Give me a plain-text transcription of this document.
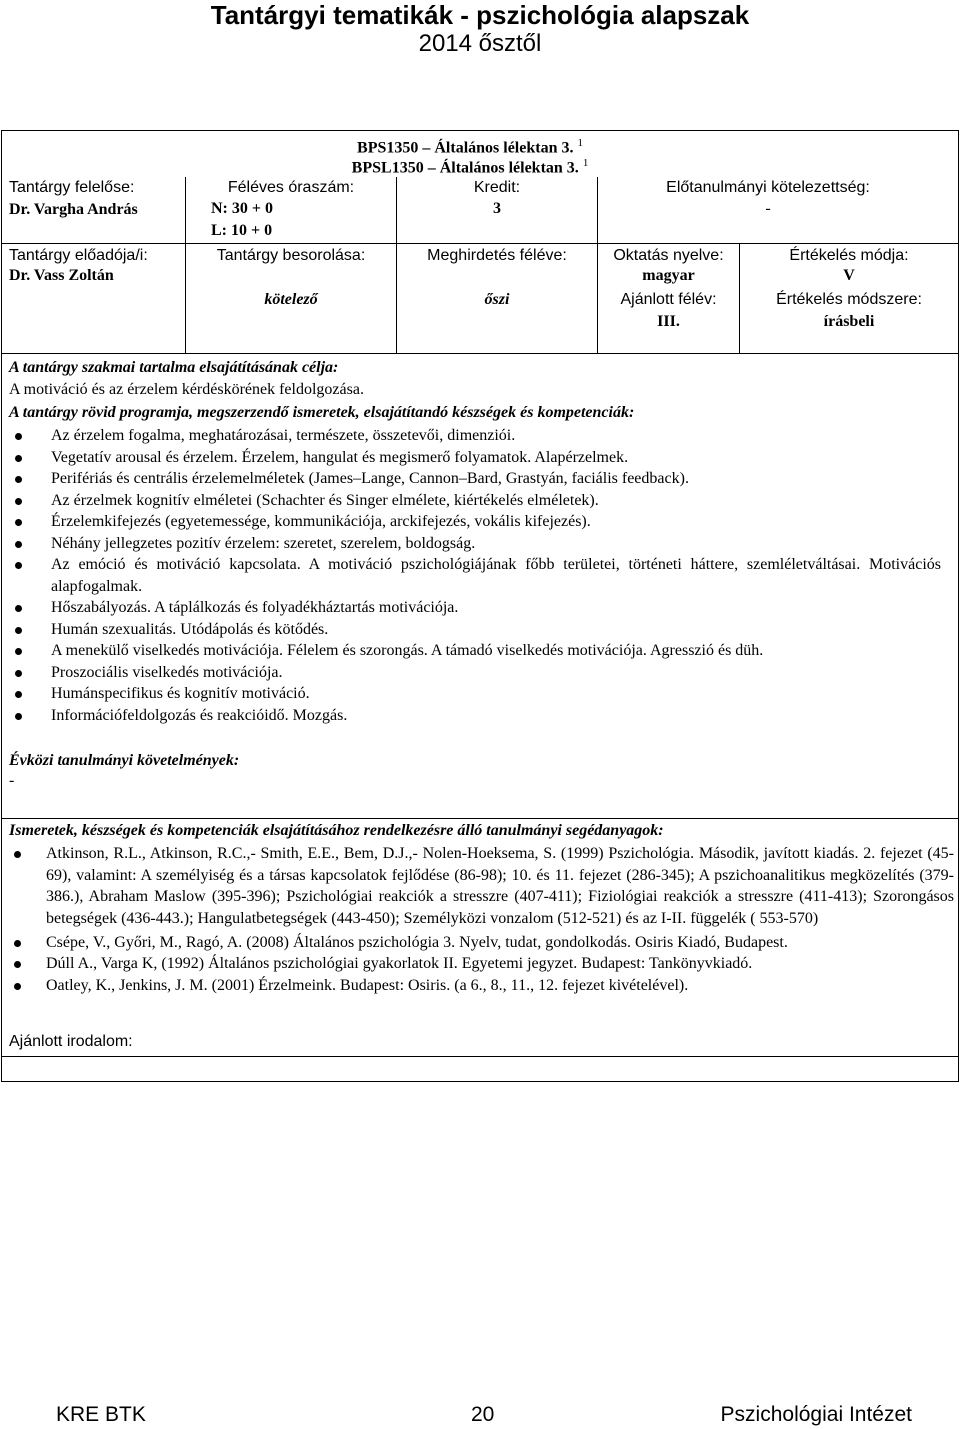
Tantárgyi tematikák - pszichológia alapszak
2014 ősztől
BPS1350 – Általános lélektan 3. $^1$
BPSL1350 – Általános lélektan 3. $^1$
Tantárgy felelőse:
Dr. Vargha András
Tantárgy előadója/i:
Dr. Vass Zoltán
Féléves óraszám:
N: 30 + 0
L: 10 + 0
Tantárgy besorolása:
kötelező
Kredit:
3
Meghirdetés féléve:
őszi
Előtanulmányi kötelezettség:
-
Oktatás nyelve:
magyar
Ajánlott félév:
III.
Értékelés módja:
V
Értékelés módszere:
írásbeli
A tantárgy szakmai tartalma elsajátításának célja:
A motiváció és az érzelem kérdéskörének feldolgozása.
A tantárgy rövid programja, megszerzendő ismeretek, elsajátítandó készségek és kompetenciák:
Az érzelem fogalma, meghatározásai, természete, összetevői, dimenziói.
Vegetatív arousal és érzelem. Érzelem, hangulat és megismerő folyamatok. Alapérzelmek.
Perifériás és centrális érzelemelméletek (James–Lange, Cannon–Bard, Grastyán, faciális feedback).
Az érzelmek kognitív elméletei (Schachter és Singer elmélete, kiértékelés elméletek).
Érzelemkifejezés (egyetemessége, kommunikációja, arckifejezés, vokális kifejezés).
Néhány jellegzetes pozitív érzelem: szeretet, szerelem, boldogság.
Az emóció és motiváció kapcsolata. A motiváció pszichológiájának főbb területei, történeti háttere, szemléletváltásai. Motivációs alapfogalmak.
Hőszabályozás. A táplálkozás és folyadékháztartás motivációja.
Humán szexualitás. Utódápolás és kötődés.
A menekülő viselkedés motivációja. Félelem és szorongás. A támadó viselkedés motivációja. Agresszió és düh.
Proszociális viselkedés motivációja.
Humánspecifikus és kognitív motiváció.
Információfeldolgozás és reakcióidő. Mozgás.
Évközi tanulmányi követelmények:
-
Ismeretek, készségek és kompetenciák elsajátításához rendelkezésre álló tanulmányi segédanyagok:
Atkinson, R.L., Atkinson, R.C.,- Smith, E.E., Bem, D.J.,- Nolen-Hoeksema, S. (1999) Pszichológia. Második, javított kiadás. 2. fejezet (45-69), valamint: A személyiség és a társas kapcsolatok fejlődése (86-98); 10. és 11. fejezet (286-345); A pszichoanalitikus megközelítés (379-386.), Abraham Maslow (395-396); Pszichológiai reakciók a stresszre (407-411); Fiziológiai reakciók a stresszre (411-413); Szorongásos betegségek (436-443.); Hangulatbetegségek (443-450); Személyközi vonzalom (512-521) és az I-II. függelék ( 553-570)
Csépe, V., Győri, M., Ragó, A. (2008) Általános pszichológia 3. Nyelv, tudat, gondolkodás. Osiris Kiadó, Budapest.
Dúll A., Varga K, (1992) Általános pszichológiai gyakorlatok II. Egyetemi jegyzet. Budapest: Tankönyvkiadó.
Oatley, K., Jenkins, J. M. (2001) Érzelmeink. Budapest: Osiris. (a 6., 8., 11., 12. fejezet kivételével).
Ajánlott irodalom:
KRE BTK	20	Pszichológiai Intézet
